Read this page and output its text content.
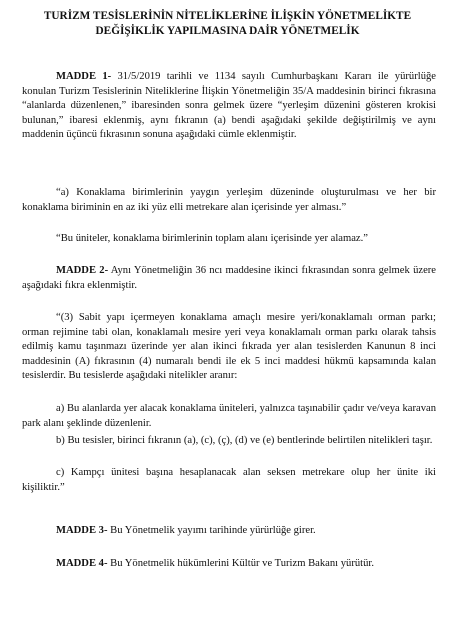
TURİZM TESİSLERİNİN NİTELİKLERİNE İLİŞKİN YÖNETMELİKTE
DEĞİŞİKLİK YAPILMASINA DAİR YÖNETMELİK

MADDE 1- 31/5/2019 tarihli ve 1134 sayılı Cumhurbaşkanı Kararı ile yürürlüğe konulan Turizm Tesislerinin Niteliklerine İlişkin Yönetmeliğin 35/A maddesinin birinci fıkrasına “alanlarda düzenlenen,” ibaresinden sonra gelmek üzere “yerleşim düzenini gösteren krokisi bulunan,” ibaresi eklenmiş, aynı fıkranın (a) bendi aşağıdaki şekilde değiştirilmiş ve aynı maddenin üçüncü fıkrasının sonuna aşağıdaki cümle eklenmiştir.

“a) Konaklama birimlerinin yaygın yerleşim düzeninde oluşturulması ve her bir konaklama biriminin en az iki yüz elli metrekare alan içerisinde yer alması.”

“Bu üniteler, konaklama birimlerinin toplam alanı içerisinde yer alamaz.”

MADDE 2- Aynı Yönetmeliğin 36 ncı maddesine ikinci fıkrasından sonra gelmek üzere aşağıdaki fıkra eklenmiştir.

“(3) Sabit yapı içermeyen konaklama amaçlı mesire yeri/konaklamalı orman parkı; orman rejimine tabi olan, konaklamalı mesire yeri veya konaklamalı orman parkı olarak tahsis edilmiş kamu taşınmazı üzerinde yer alan ikinci fıkrada yer alan tesislerden Kanunun 8 inci maddesinin (A) fıkrasının (4) numaralı bendi ile ek 5 inci maddesi hükmü kapsamında kalan tesislerdir. Bu tesislerde aşağıdaki nitelikler aranır:

a) Bu alanlarda yer alacak konaklama üniteleri, yalnızca taşınabilir çadır ve/veya karavan park alanı şeklinde düzenlenir.

b) Bu tesisler, birinci fıkranın (a), (c), (ç), (d) ve (e) bentlerinde belirtilen nitelikleri taşır.

c) Kampçı ünitesi başına hesaplanacak alan seksen metrekare olup her ünite iki kişiliktir.”

MADDE 3- Bu Yönetmelik yayımı tarihinde yürürlüğe girer.

MADDE 4- Bu Yönetmelik hükümlerini Kültür ve Turizm Bakanı yürütür.
